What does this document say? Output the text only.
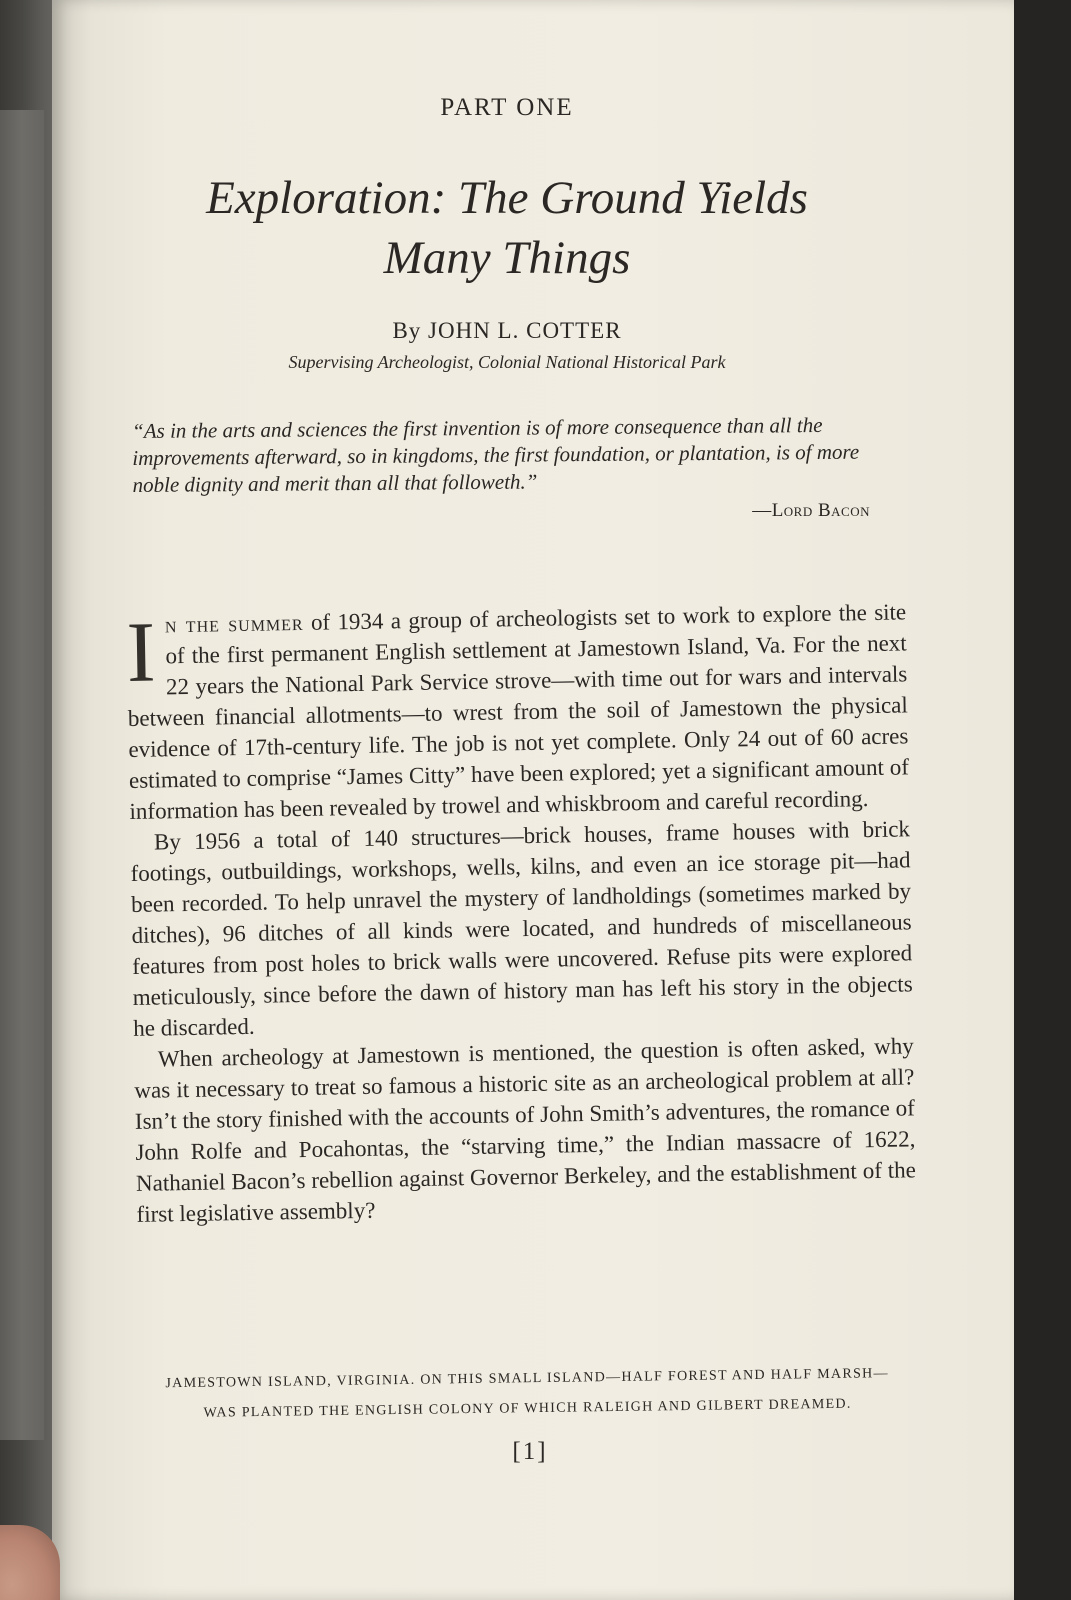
PART ONE
Exploration: The Ground Yields
Many Things
By JOHN L. COTTER
Supervising Archeologist, Colonial National Historical Park
“As in the arts and sciences the first invention is of more consequence than all the improvements afterward, so in kingdoms, the first foundation, or plantation, is of more noble dignity and merit than all that followeth.”
—Lord Bacon

In the summer of 1934 a group of archeologists set to work to explore the site of the first permanent English settlement at Jamestown Island, Va. For the next 22 years the National Park Service strove—with time out for wars and intervals between financial allotments—to wrest from the soil of Jamestown the physical evidence of 17th-century life. The job is not yet complete. Only 24 out of 60 acres estimated to comprise “James Citty” have been explored; yet a significant amount of information has been revealed by trowel and whiskbroom and careful recording.

By 1956 a total of 140 structures—brick houses, frame houses with brick footings, outbuildings, workshops, wells, kilns, and even an ice storage pit—had been recorded. To help unravel the mystery of landholdings (sometimes marked by ditches), 96 ditches of all kinds were located, and hundreds of miscellaneous features from post holes to brick walls were uncovered. Refuse pits were explored meticulously, since before the dawn of history man has left his story in the objects he discarded.

When archeology at Jamestown is mentioned, the question is often asked, why was it necessary to treat so famous a historic site as an archeological problem at all? Isn’t the story finished with the accounts of John Smith’s adventures, the romance of John Rolfe and Pocahontas, the “starving time,” the Indian massacre of 1622, Nathaniel Bacon’s rebellion against Governor Berkeley, and the establishment of the first legislative assembly?

JAMESTOWN ISLAND, VIRGINIA. ON THIS SMALL ISLAND—HALF FOREST AND HALF MARSH—
WAS PLANTED THE ENGLISH COLONY OF WHICH RALEIGH AND GILBERT DREAMED.
[1]
